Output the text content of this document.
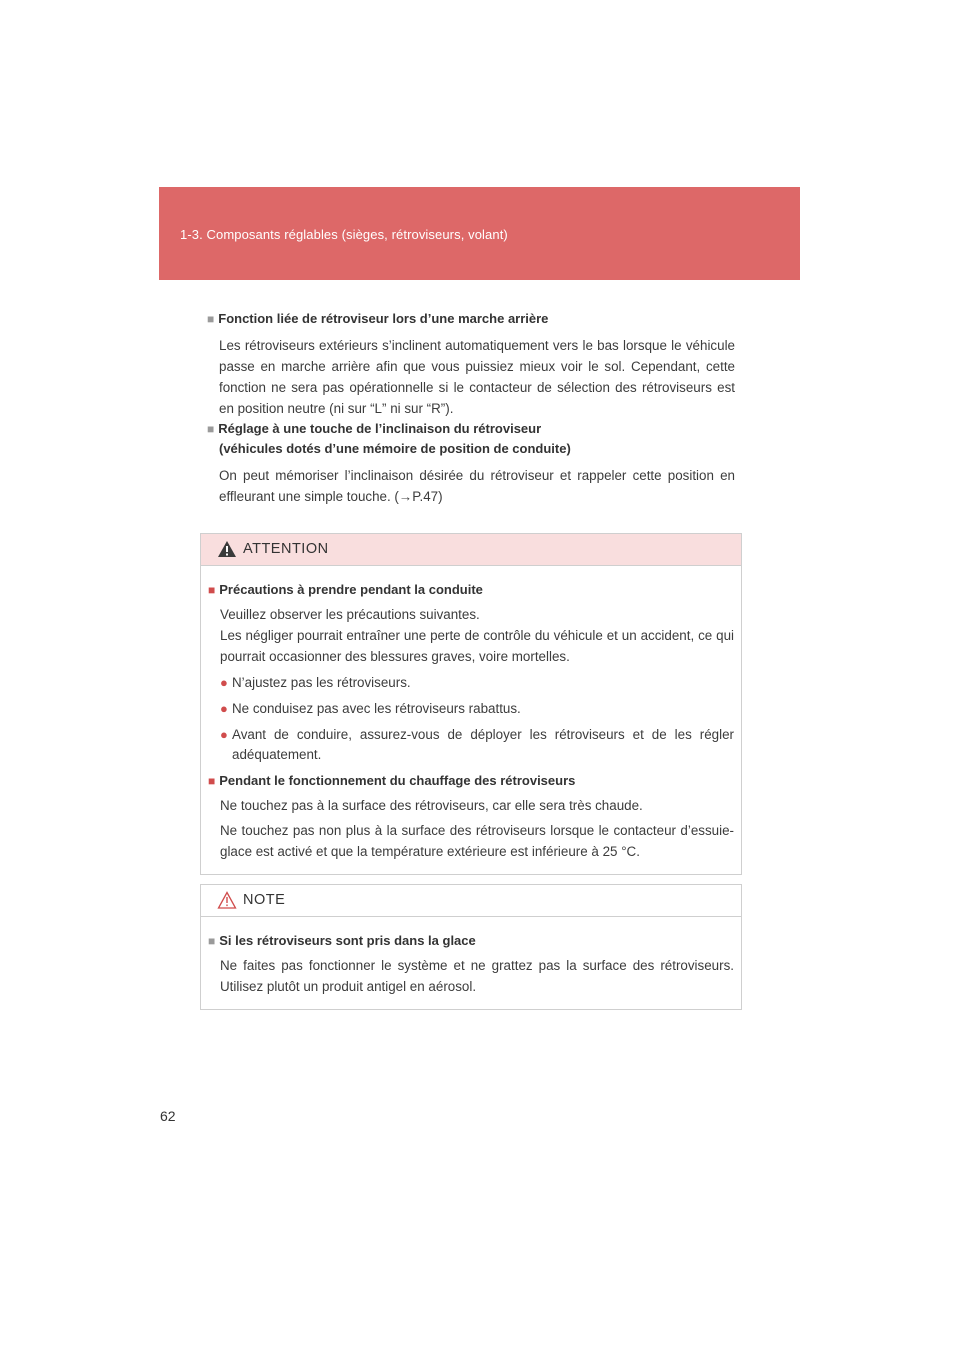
1-3. Composants réglables (sièges, rétroviseurs, volant)
■ Fonction liée de rétroviseur lors d’une marche arrière
Les rétroviseurs extérieurs s’inclinent automatiquement vers le bas lorsque le véhicule passe en marche arrière afin que vous puissiez mieux voir le sol. Cependant, cette fonction ne sera pas opérationnelle si le contacteur de sélection des rétroviseurs est en position neutre (ni sur “L” ni sur “R”).
■ Réglage à une touche de l’inclinaison du rétroviseur
(véhicules dotés d’une mémoire de position de conduite)
On peut mémoriser l’inclinaison désirée du rétroviseur et rappeler cette position en effleurant une simple touche. (→P.47)
ATTENTION
■ Précautions à prendre pendant la conduite
Veuillez observer les précautions suivantes.
Les négliger pourrait entraîner une perte de contrôle du véhicule et un accident, ce qui pourrait occasionner des blessures graves, voire mortelles.
● N’ajustez pas les rétroviseurs.
● Ne conduisez pas avec les rétroviseurs rabattus.
● Avant de conduire, assurez-vous de déployer les rétroviseurs et de les régler adéquatement.
■ Pendant le fonctionnement du chauffage des rétroviseurs
Ne touchez pas à la surface des rétroviseurs, car elle sera très chaude.
Ne touchez pas non plus à la surface des rétroviseurs lorsque le contacteur d’essuie-glace est activé et que la température extérieure est inférieure à 25 °C.
NOTE
■ Si les rétroviseurs sont pris dans la glace
Ne faites pas fonctionner le système et ne grattez pas la surface des rétroviseurs. Utilisez plutôt un produit antigel en aérosol.
62
